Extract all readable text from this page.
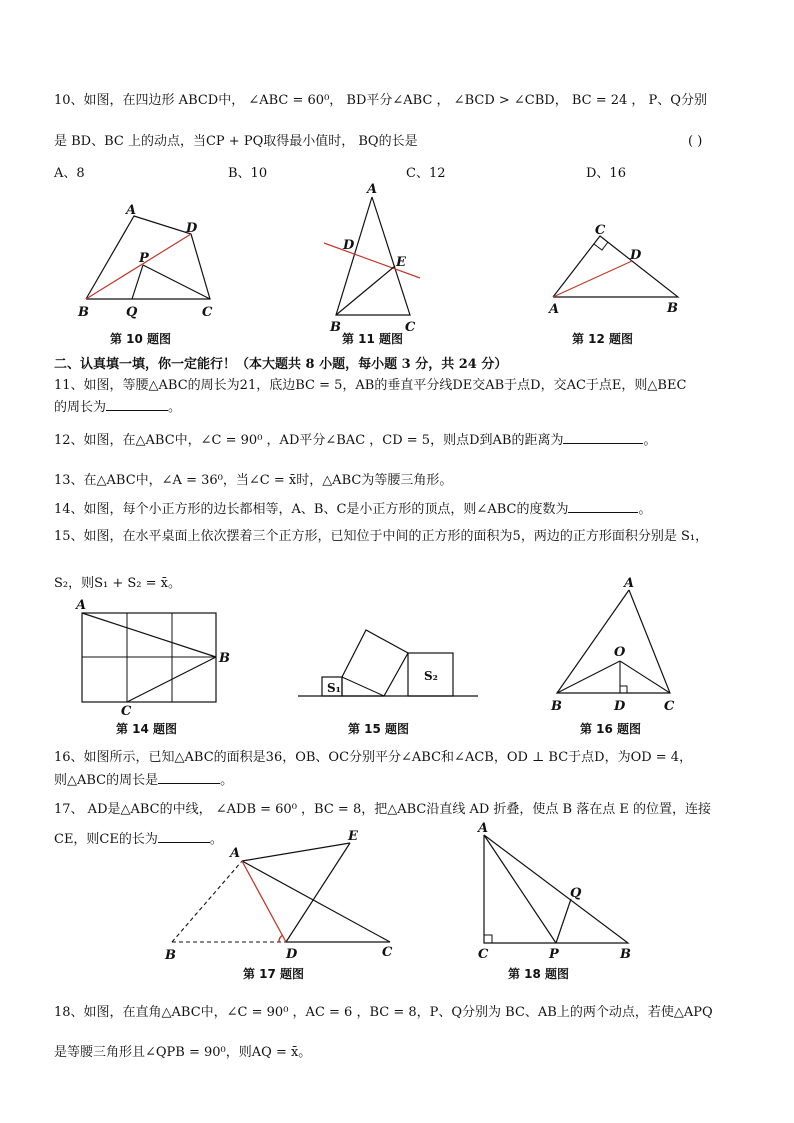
10、如图，在四边形 ABCD中， ∠ABC = 60⁰， BD平分∠ABC ， ∠BCD > ∠CBD， BC = 24 ， P、Q分别
是 BD、BC 上的动点，当CP + PQ取得最小值时， BQ的长是	( )
A、8	B、10	C、12	D、16
A
D
P
B	Q	C
第 10 题图
A
D
E
B	C
第 11 题图
C
D
A	B
第 12 题图
二、认真填一填，你一定能行！（本大题共 8 小题，每小题 3 分，共 24 分）
11、如图，等腰△ABC的周长为21，底边BC = 5，AB的垂直平分线DE交AB于点D，交AC于点E，则△BEC
的周长为	。
12、如图，在△ABC中，∠C = 90⁰ ，AD平分∠BAC ，CD = 5，则点D到AB的距离为	。
13、在△ABC中，∠A = 36⁰，当∠C = x̄时，△ABC为等腰三角形。
14、如图，每个小正方形的边长都相等，A、B、C是小正方形的顶点，则∠ABC的度数为	。
15、如图，在水平桌面上依次摆着三个正方形，已知位于中间的正方形的面积为5，两边的正方形面积分别是 S₁，
S₂，则S₁ + S₂ = x̄。
A
B
C
第 14 题图
S₁
S₂
第 15 题图
A
O
B	D	C
第 16 题图
16、如图所示，已知△ABC的面积是36，OB、OC分别平分∠ABC和∠ACB，OD ⊥ BC于点D，为OD = 4，
则△ABC的周长是	。
17、 AD是△ABC的中线， ∠ADB = 60⁰ ，BC = 8，把△ABC沿直线 AD 折叠，使点 B 落在点 E 的位置，连接
CE，则CE的长为	。
A
E
B	D	C
第 17 题图
A
Q
C	P	B
第 18 题图
18、如图，在直角△ABC中，∠C = 90⁰ ，AC = 6 ，BC = 8，P、Q分别为 BC、AB上的两个动点，若使△APQ
是等腰三角形且∠QPB = 90⁰，则AQ = x̄。
